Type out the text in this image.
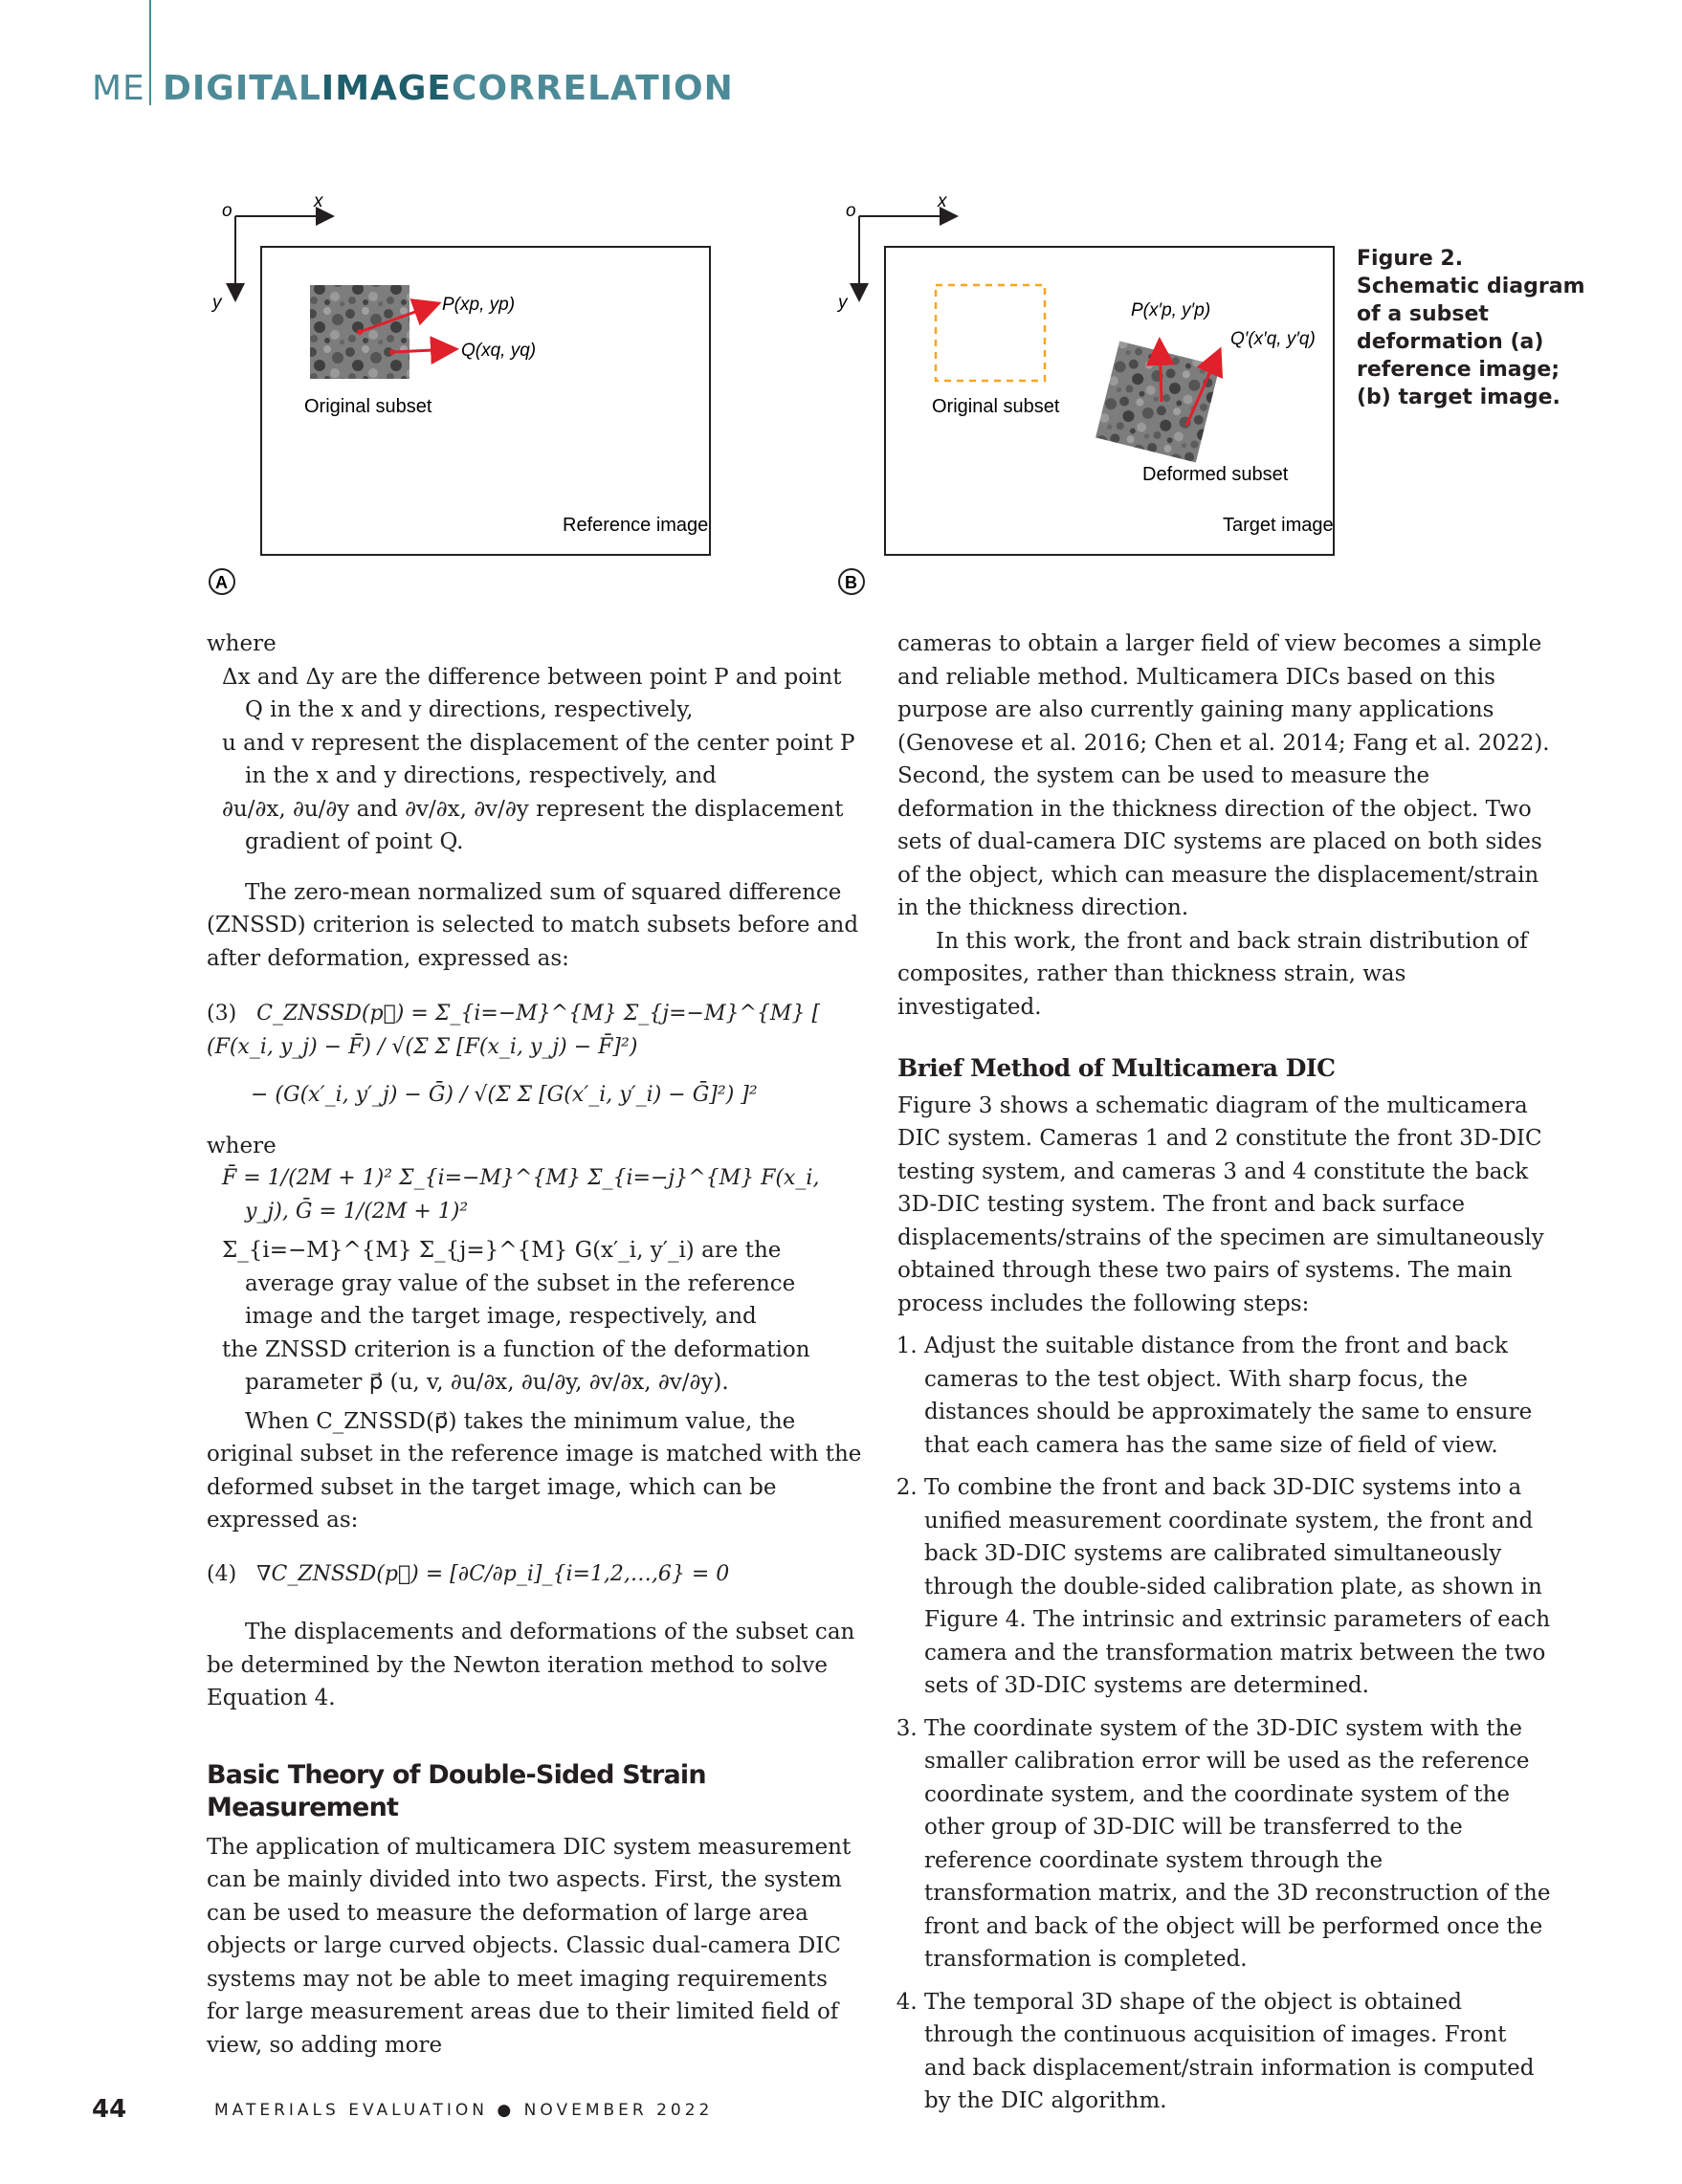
ME DIGITALIMAGECORRELATION
o	x
y	P(xp, yp)
Q(xq, yq)
Original subset
Reference image
A
o	x
y	P(x′p, y′p)
Q′(x′q, y′q)
Original subset
Deformed subset
Target image
B
Figure 2. Schematic diagram of a subset deformation (a) reference image; (b) target image.

where

Δx and Δy are the difference between point P and point Q in the x and y directions, respectively,

u and v represent the displacement of the center point P in the x and y directions, respectively, and

∂u/∂x, ∂u/∂y and ∂v/∂x, ∂v/∂y represent the displacement gradient of point Q.

The zero-mean normalized sum of squared difference (ZNSSD) criterion is selected to match subsets before and after deformation, expressed as:

(3) C_ZNSSD(p⃗) = Σ_{i=−M}^{M} Σ_{j=−M}^{M} [ (F(x_i, y_j) − F̄) / √(Σ Σ [F(x_i, y_j) − F̄]²)
− (G(x′_i, y′_j) − Ḡ) / √(Σ Σ [G(x′_i, y′_i) − Ḡ]²) ]²

where

F̄ = 1/(2M + 1)² Σ_{i=−M}^{M} Σ_{i=−j}^{M} F(x_i, y_j), Ḡ = 1/(2M + 1)²

Σ_{i=−M}^{M} Σ_{j=}^{M} G(x′_i, y′_i) are the average gray value of the subset in the reference image and the target image, respectively, and

the ZNSSD criterion is a function of the deformation parameter p⃗ (u, v, ∂u/∂x, ∂u/∂y, ∂v/∂x, ∂v/∂y).

When C_ZNSSD(p⃗) takes the minimum value, the original subset in the reference image is matched with the deformed subset in the target image, which can be expressed as:

(4) ∇C_ZNSSD(p⃗) = [∂C/∂p_i]_{i=1,2,…,6} = 0

The displacements and deformations of the subset can be determined by the Newton iteration method to solve Equation 4.

Basic Theory of Double-Sided Strain Measurement

The application of multicamera DIC system measurement can be mainly divided into two aspects. First, the system can be used to measure the deformation of large area objects or large curved objects. Classic dual-camera DIC systems may not be able to meet imaging requirements for large measurement areas due to their limited field of view, so adding more

cameras to obtain a larger field of view becomes a simple and reliable method. Multicamera DICs based on this purpose are also currently gaining many applications (Genovese et al. 2016; Chen et al. 2014; Fang et al. 2022). Second, the system can be used to measure the deformation in the thickness direction of the object. Two sets of dual-camera DIC systems are placed on both sides of the object, which can measure the displacement/strain in the thickness direction.

In this work, the front and back strain distribution of composites, rather than thickness strain, was investigated.

Brief Method of Multicamera DIC

Figure 3 shows a schematic diagram of the multicamera DIC system. Cameras 1 and 2 constitute the front 3D-DIC testing system, and cameras 3 and 4 constitute the back 3D-DIC testing system. The front and back surface displacements/strains of the specimen are simultaneously obtained through these two pairs of systems. The main process includes the following steps:

1. Adjust the suitable distance from the front and back cameras to the test object. With sharp focus, the distances should be approximately the same to ensure that each camera has the same size of field of view.
2. To combine the front and back 3D-DIC systems into a unified measurement coordinate system, the front and back 3D-DIC systems are calibrated simultaneously through the double-sided calibration plate, as shown in Figure 4. The intrinsic and extrinsic parameters of each camera and the transformation matrix between the two sets of 3D-DIC systems are determined.
3. The coordinate system of the 3D-DIC system with the smaller calibration error will be used as the reference coordinate system, and the coordinate system of the other group of 3D-DIC will be transferred to the reference coordinate system through the transformation matrix, and the 3D reconstruction of the front and back of the object will be performed once the transformation is completed.
4. The temporal 3D shape of the object is obtained through the continuous acquisition of images. Front and back displacement/strain information is computed by the DIC algorithm.
44	MATERIALS EVALUATION ● NOVEMBER 2022
